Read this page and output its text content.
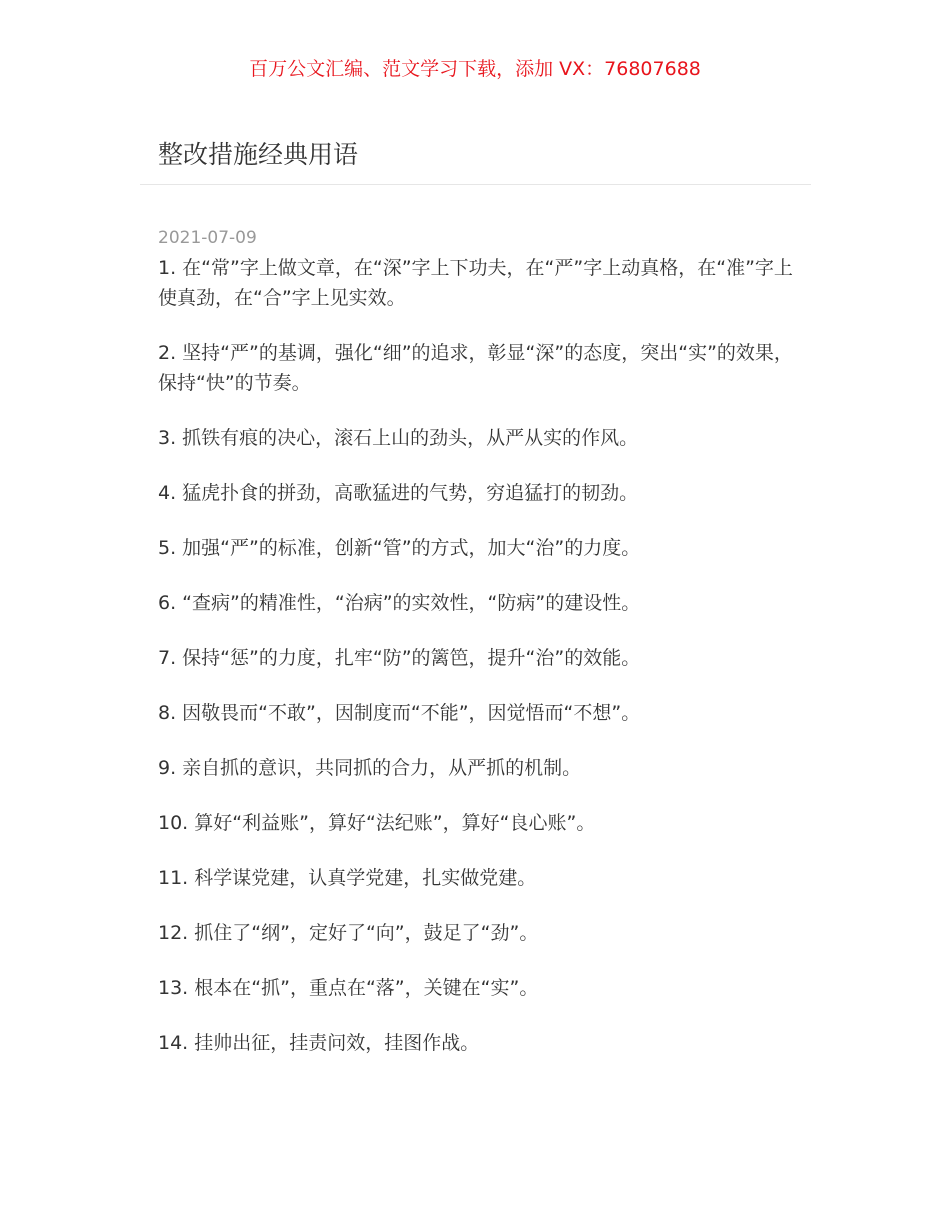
百万公文汇编、范文学习下载，添加 VX：76807688
整改措施经典用语
2021-07-09
1. 在“常”字上做文章，在“深”字上下功夫，在“严”字上动真格，在“准”字上使真劲，在“合”字上见实效。
2. 坚持“严”的基调，强化“细”的追求，彰显“深”的态度，突出“实”的效果，保持“快”的节奏。
3. 抓铁有痕的决心，滚石上山的劲头，从严从实的作风。
4. 猛虎扑食的拼劲，高歌猛进的气势，穷追猛打的韧劲。
5. 加强“严”的标准，创新“管”的方式，加大“治”的力度。
6. “查病”的精准性，“治病”的实效性，“防病”的建设性。
7. 保持“惩”的力度，扎牢“防”的篱笆，提升“治”的效能。
8. 因敬畏而“不敢”，因制度而“不能”，因觉悟而“不想”。
9. 亲自抓的意识，共同抓的合力，从严抓的机制。
10. 算好“利益账”，算好“法纪账”，算好“良心账”。
11. 科学谋党建，认真学党建，扎实做党建。
12. 抓住了“纲”，定好了“向”，鼓足了“劲”。
13. 根本在“抓”，重点在“落”，关键在“实”。
14. 挂帅出征，挂责问效，挂图作战。
